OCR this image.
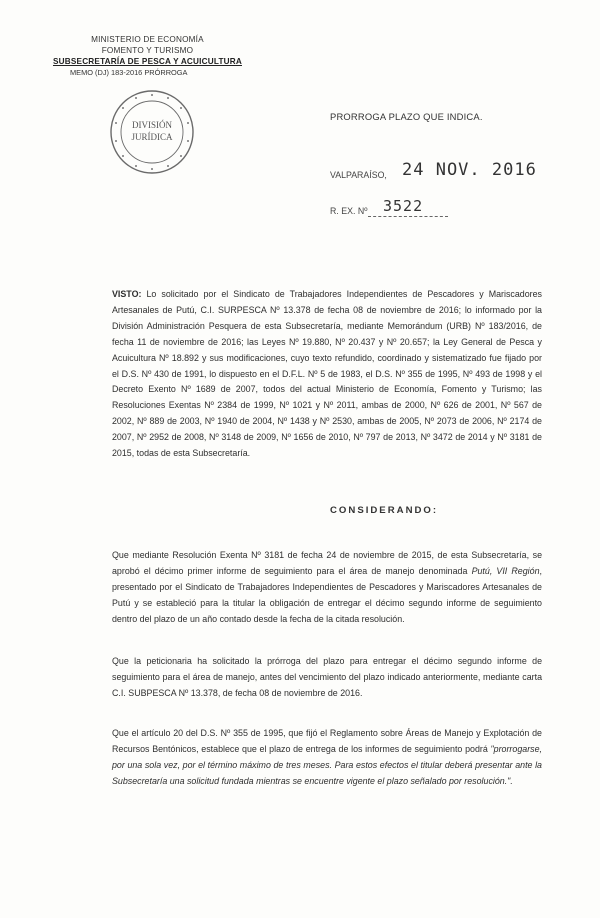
MINISTERIO DE ECONOMÍA
FOMENTO Y TURISMO
SUBSECRETARÍA DE PESCA Y ACUICULTURA
MEMO (DJ) 183-2016 PRÓRROGA
DIVISIÓN
JURÍDICA
PRORROGA PLAZO QUE INDICA.
VALPARAÍSO, 24 NOV. 2016
R. EX. Nº 3522
VISTO: Lo solicitado por el Sindicato de Trabajadores Independientes de Pescadores y Mariscadores Artesanales de Putú, C.I. SURPESCA Nº 13.378 de fecha 08 de noviembre de 2016; lo informado por la División Administración Pesquera de esta Subsecretaría, mediante Memorándum (URB) Nº 183/2016, de fecha 11 de noviembre de 2016; las Leyes Nº 19.880, Nº 20.437 y Nº 20.657; la Ley General de Pesca y Acuicultura Nº 18.892 y sus modificaciones, cuyo texto refundido, coordinado y sistematizado fue fijado por el D.S. Nº 430 de 1991, lo dispuesto en el D.F.L. Nº 5 de 1983, el D.S. Nº 355 de 1995, Nº 493 de 1998 y el Decreto Exento Nº 1689 de 2007, todos del actual Ministerio de Economía, Fomento y Turismo; las Resoluciones Exentas Nº 2384 de 1999, Nº 1021 y Nº 2011, ambas de 2000, Nº 626 de 2001, Nº 567 de 2002, Nº 889 de 2003, Nº 1940 de 2004, Nº 1438 y Nº 2530, ambas de 2005, Nº 2073 de 2006, Nº 2174 de 2007, Nº 2952 de 2008, Nº 3148 de 2009, Nº 1656 de 2010, Nº 797 de 2013, Nº 3472 de 2014 y Nº 3181 de 2015, todas de esta Subsecretaría.
CONSIDERANDO:
Que mediante Resolución Exenta Nº 3181 de fecha 24 de noviembre de 2015, de esta Subsecretaría, se aprobó el décimo primer informe de seguimiento para el área de manejo denominada Putú, VII Región, presentado por el Sindicato de Trabajadores Independientes de Pescadores y Mariscadores Artesanales de Putú y se estableció para la titular la obligación de entregar el décimo segundo informe de seguimiento dentro del plazo de un año contado desde la fecha de la citada resolución.
Que la peticionaria ha solicitado la prórroga del plazo para entregar el décimo segundo informe de seguimiento para el área de manejo, antes del vencimiento del plazo indicado anteriormente, mediante carta C.I. SUBPESCA Nº 13.378, de fecha 08 de noviembre de 2016.
Que el artículo 20 del D.S. Nº 355 de 1995, que fijó el Reglamento sobre Áreas de Manejo y Explotación de Recursos Bentónicos, establece que el plazo de entrega de los informes de seguimiento podrá "prorrogarse, por una sola vez, por el término máximo de tres meses. Para estos efectos el titular deberá presentar ante la Subsecretaría una solicitud fundada mientras se encuentre vigente el plazo señalado por resolución.".
